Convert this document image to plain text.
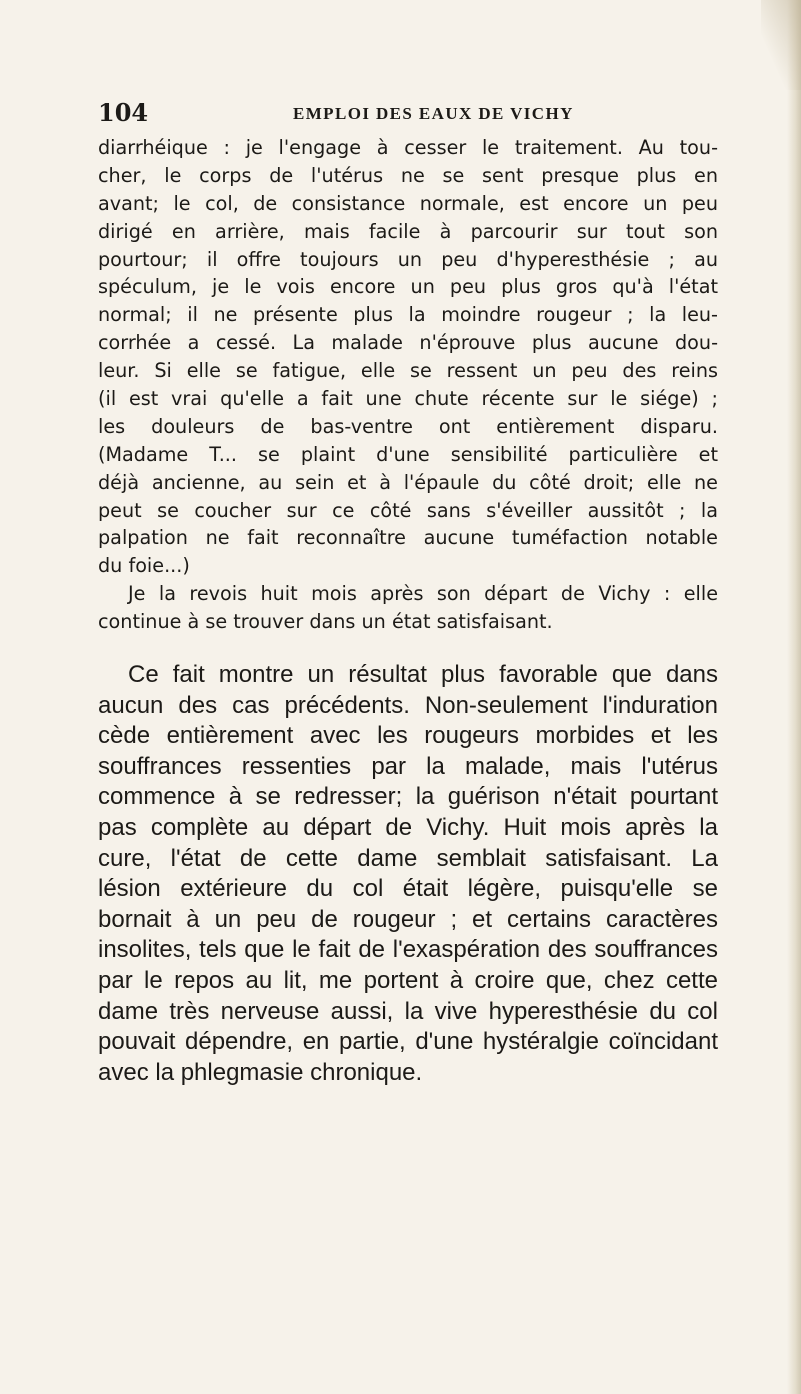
104	EMPLOI DES EAUX DE VICHY
diarrhéique : je l'engage à cesser le traitement. Au tou-
cher, le corps de l'utérus ne se sent presque plus en
avant; le col, de consistance normale, est encore un peu
dirigé en arrière, mais facile à parcourir sur tout son
pourtour; il offre toujours un peu d'hyperesthésie ; au
spéculum, je le vois encore un peu plus gros qu'à l'état
normal; il ne présente plus la moindre rougeur ; la leu-
corrhée a cessé. La malade n'éprouve plus aucune dou-
leur. Si elle se fatigue, elle se ressent un peu des reins
(il est vrai qu'elle a fait une chute récente sur le siége) ;
les douleurs de bas-ventre ont entièrement disparu.
(Madame T... se plaint d'une sensibilité particulière et
déjà ancienne, au sein et à l'épaule du côté droit; elle ne
peut se coucher sur ce côté sans s'éveiller aussitôt ; la
palpation ne fait reconnaître aucune tuméfaction notable
du foie...)
Je la revois huit mois après son départ de Vichy : elle
continue à se trouver dans un état satisfaisant.
Ce fait montre un résultat plus favorable que dans
aucun des cas précédents. Non-seulement l'induration
cède entièrement avec les rougeurs morbides et les
souffrances ressenties par la malade, mais l'utérus
commence à se redresser; la guérison n'était pourtant
pas complète au départ de Vichy. Huit mois après la
cure, l'état de cette dame semblait satisfaisant. La
lésion extérieure du col était légère, puisqu'elle se
bornait à un peu de rougeur ; et certains caractères
insolites, tels que le fait de l'exaspération des souffrances
par le repos au lit, me portent à croire que, chez cette
dame très nerveuse aussi, la vive hyperesthésie du col
pouvait dépendre, en partie, d'une hystéralgie coïncidant
avec la phlegmasie chronique.
